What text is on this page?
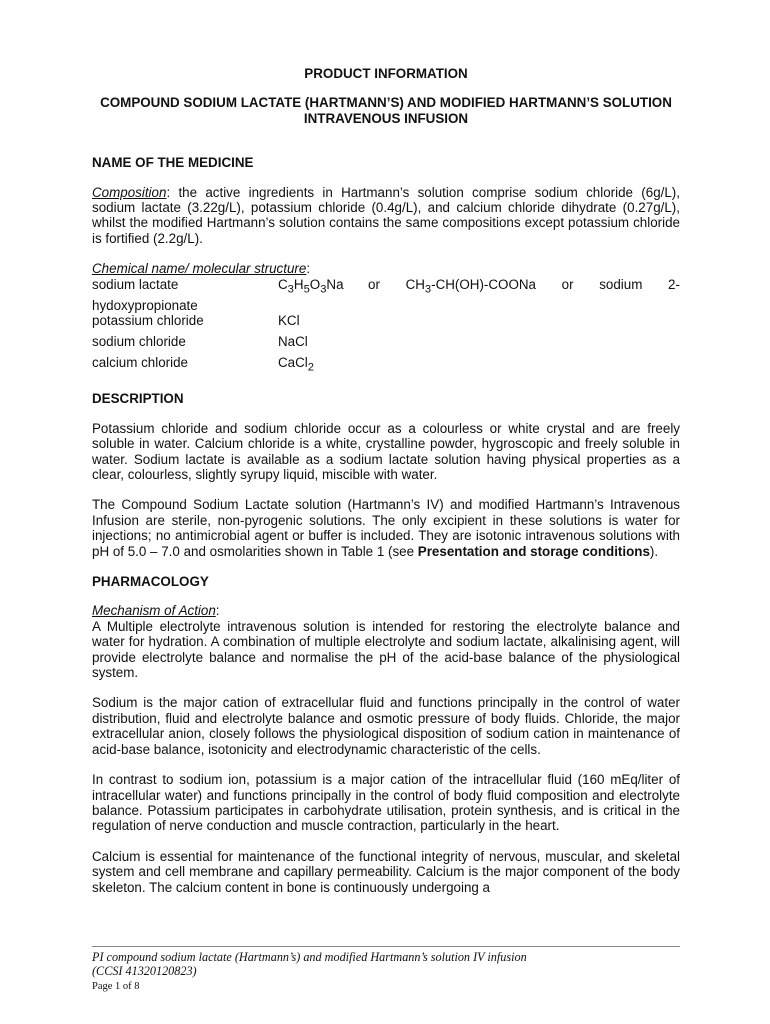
PRODUCT INFORMATION
COMPOUND SODIUM LACTATE (HARTMANN’S) AND MODIFIED HARTMANN’S SOLUTION INTRAVENOUS INFUSION
NAME OF THE MEDICINE

Composition: the active ingredients in Hartmann’s solution comprise sodium chloride (6g/L), sodium lactate (3.22g/L), potassium chloride (0.4g/L), and calcium chloride dihydrate (0.27g/L), whilst the modified Hartmann’s solution contains the same compositions except potassium chloride is fortified (2.2g/L).

Chemical name/ molecular structure:
sodium lactate	$C_3H_5O_3Na$	or $CH_3-CH(OH)$-COONa or sodium 2-
hydoxypropionate
potassium chloride	KCl
sodium chloride	NaCl
calcium chloride	CaCl$_2$
DESCRIPTION

Potassium chloride and sodium chloride occur as a colourless or white crystal and are freely soluble in water. Calcium chloride is a white, crystalline powder, hygroscopic and freely soluble in water. Sodium lactate is available as a sodium lactate solution having physical properties as a clear, colourless, slightly syrupy liquid, miscible with water.

The Compound Sodium Lactate solution (Hartmann’s IV) and modified Hartmann’s Intravenous Infusion are sterile, non-pyrogenic solutions. The only excipient in these solutions is water for injections; no antimicrobial agent or buffer is included. They are isotonic intravenous solutions with pH of 5.0 – 7.0 and osmolarities shown in Table 1 (see Presentation and storage conditions).

PHARMACOLOGY
Mechanism of Action:

A Multiple electrolyte intravenous solution is intended for restoring the electrolyte balance and water for hydration. A combination of multiple electrolyte and sodium lactate, alkalinising agent, will provide electrolyte balance and normalise the pH of the acid-base balance of the physiological system.

Sodium is the major cation of extracellular fluid and functions principally in the control of water distribution, fluid and electrolyte balance and osmotic pressure of body fluids. Chloride, the major extracellular anion, closely follows the physiological disposition of sodium cation in maintenance of acid-base balance, isotonicity and electrodynamic characteristic of the cells.

In contrast to sodium ion, potassium is a major cation of the intracellular fluid (160 mEq/liter of intracellular water) and functions principally in the control of body fluid composition and electrolyte balance. Potassium participates in carbohydrate utilisation, protein synthesis, and is critical in the regulation of nerve conduction and muscle contraction, particularly in the heart.

Calcium is essential for maintenance of the functional integrity of nervous, muscular, and skeletal system and cell membrane and capillary permeability. Calcium is the major component of the body skeleton. The calcium content in bone is continuously undergoing a

PI compound sodium lactate (Hartmann’s) and modified Hartmann’s solution IV infusion
(CCSI 41320120823)
Page 1 of 8
